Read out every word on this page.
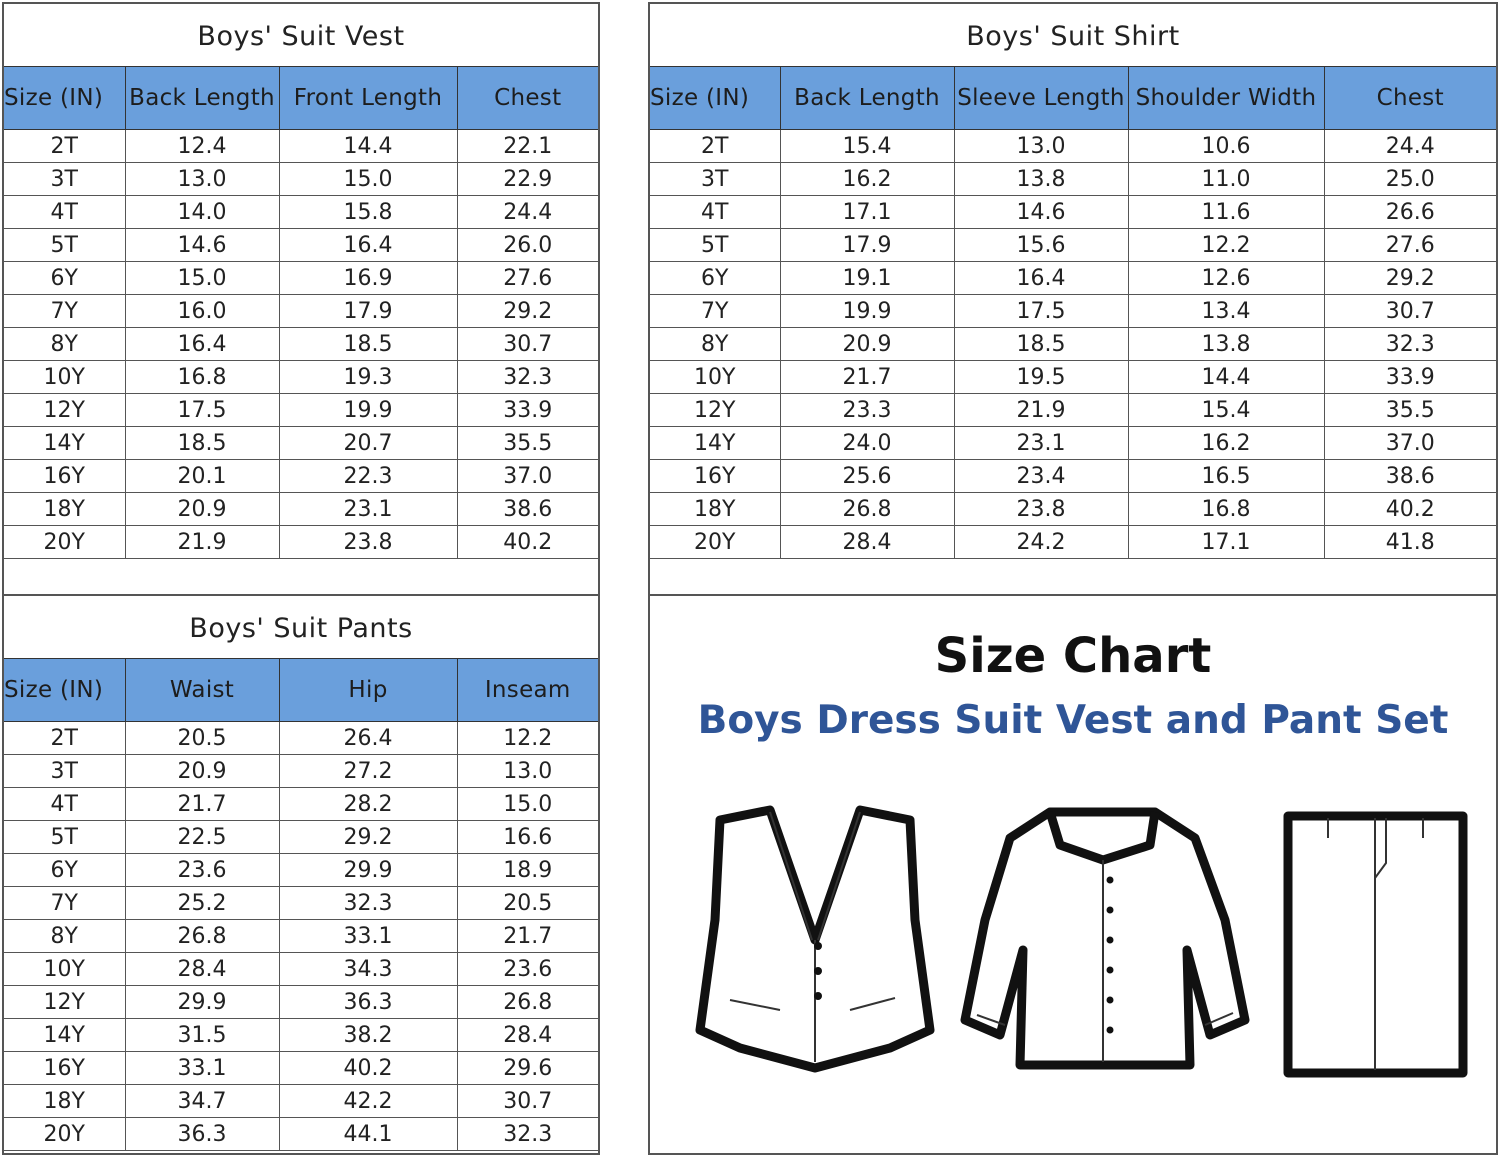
Boys' Suit Vest
Size (IN)	Back Length	Front Length	Chest
2T	12.4	14.4	22.1
3T	13.0	15.0	22.9
4T	14.0	15.8	24.4
5T	14.6	16.4	26.0
6Y	15.0	16.9	27.6
7Y	16.0	17.9	29.2
8Y	16.4	18.5	30.7
10Y	16.8	19.3	32.3
12Y	17.5	19.9	33.9
14Y	18.5	20.7	35.5
16Y	20.1	22.3	37.0
18Y	20.9	23.1	38.6
20Y	21.9	23.8	40.2
Boys' Suit Pants
Size (IN)	Waist	Hip	Inseam
2T	20.5	26.4	12.2
3T	20.9	27.2	13.0
4T	21.7	28.2	15.0
5T	22.5	29.2	16.6
6Y	23.6	29.9	18.9
7Y	25.2	32.3	20.5
8Y	26.8	33.1	21.7
10Y	28.4	34.3	23.6
12Y	29.9	36.3	26.8
14Y	31.5	38.2	28.4
16Y	33.1	40.2	29.6
18Y	34.7	42.2	30.7
20Y	36.3	44.1	32.3
Boys' Suit Shirt
Size (IN)	Back Length	Sleeve Length	Shoulder Width	Chest
2T	15.4	13.0	10.6	24.4
3T	16.2	13.8	11.0	25.0
4T	17.1	14.6	11.6	26.6
5T	17.9	15.6	12.2	27.6
6Y	19.1	16.4	12.6	29.2
7Y	19.9	17.5	13.4	30.7
8Y	20.9	18.5	13.8	32.3
10Y	21.7	19.5	14.4	33.9
12Y	23.3	21.9	15.4	35.5
14Y	24.0	23.1	16.2	37.0
16Y	25.6	23.4	16.5	38.6
18Y	26.8	23.8	16.8	40.2
20Y	28.4	24.2	17.1	41.8
Size Chart
Boys Dress Suit Vest and Pant Set
